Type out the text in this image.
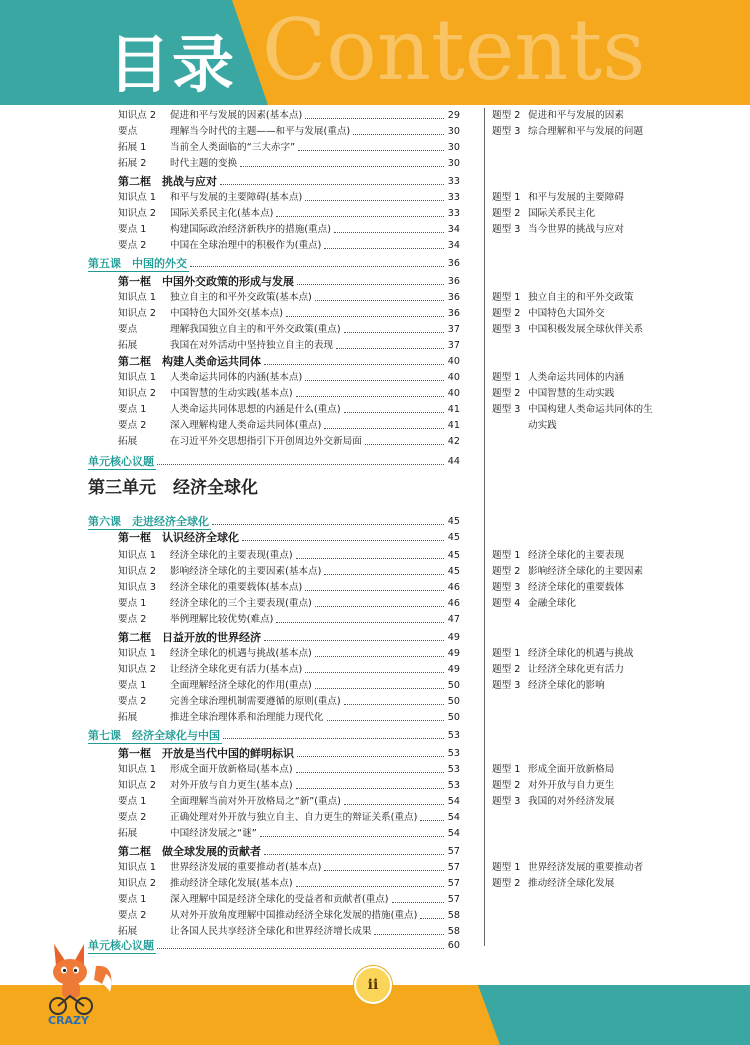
Contents
目录
知识点 2	促进和平与发展的因素(基本点)	29	题型 2 促进和平与发展的因素
要点	理解当今时代的主题——和平与发展(重点)	30	题型 3 综合理解和平与发展的问题
拓展 1	当前全人类面临的“三大赤字”	30
拓展 2	时代主题的变换	30
第二框　挑战与应对	33
知识点 1	和平与发展的主要障碍(基本点)	33	题型 1 和平与发展的主要障碍
知识点 2	国际关系民主化(基本点)	33	题型 2 国际关系民主化
要点 1	构建国际政治经济新秩序的措施(重点)	34	题型 3 当今世界的挑战与应对
要点 2	中国在全球治理中的积极作为(重点)	34
第五课　中国的外交	36
第一框　中国外交政策的形成与发展	36
知识点 1	独立自主的和平外交政策(基本点)	36	题型 1 独立自主的和平外交政策
知识点 2	中国特色大国外交(基本点)	36	题型 2 中国特色大国外交
要点	理解我国独立自主的和平外交政策(重点)	37	题型 3 中国积极发展全球伙伴关系
拓展	我国在对外活动中坚持独立自主的表现	37
第二框　构建人类命运共同体	40
知识点 1	人类命运共同体的内涵(基本点)	40	题型 1 人类命运共同体的内涵
知识点 2	中国智慧的生动实践(基本点)	40	题型 2 中国智慧的生动实践
要点 1	人类命运共同体思想的内涵是什么(重点)	41	题型 3 中国构建人类命运共同体的生
要点 2	深入理解构建人类命运共同体(重点)	41	动实践
拓展	在习近平外交思想指引下开创周边外交新局面	42
单元核心议题	44
第三单元　经济全球化
第六课　走进经济全球化	45
第一框　认识经济全球化	45
知识点 1	经济全球化的主要表现(重点)	45	题型 1 经济全球化的主要表现
知识点 2	影响经济全球化的主要因素(基本点)	45	题型 2 影响经济全球化的主要因素
知识点 3	经济全球化的重要载体(基本点)	46	题型 3 经济全球化的重要载体
要点 1	经济全球化的三个主要表现(重点)	46	题型 4 金融全球化
要点 2	举例理解比较优势(难点)	47
第二框　日益开放的世界经济	49
知识点 1	经济全球化的机遇与挑战(基本点)	49	题型 1 经济全球化的机遇与挑战
知识点 2	让经济全球化更有活力(基本点)	49	题型 2 让经济全球化更有活力
要点 1	全面理解经济全球化的作用(重点)	50	题型 3 经济全球化的影响
要点 2	完善全球治理机制需要遵循的原则(重点)	50
拓展	推进全球治理体系和治理能力现代化	50
第七课　经济全球化与中国	53
第一框　开放是当代中国的鲜明标识	53
知识点 1	形成全面开放新格局(基本点)	53	题型 1 形成全面开放新格局
知识点 2	对外开放与自力更生(基本点)	53	题型 2 对外开放与自力更生
要点 1	全面理解当前对外开放格局之“新”(重点)	54	题型 3 我国的对外经济发展
要点 2	正确处理对外开放与独立自主、自力更生的辩证关系(重点)	54
拓展	中国经济发展之“谜”	54
第二框　做全球发展的贡献者	57
知识点 1	世界经济发展的重要推动者(基本点)	57	题型 1 世界经济发展的重要推动者
知识点 2	推动经济全球化发展(基本点)	57	题型 2 推动经济全球化发展
要点 1	深入理解中国是经济全球化的受益者和贡献者(重点)	57
要点 2	从对外开放角度理解中国推动经济全球化发展的措施(重点)	58
拓展	让各国人民共享经济全球化和世界经济增长成果	58
单元核心议题	60
ii
CRAZY
